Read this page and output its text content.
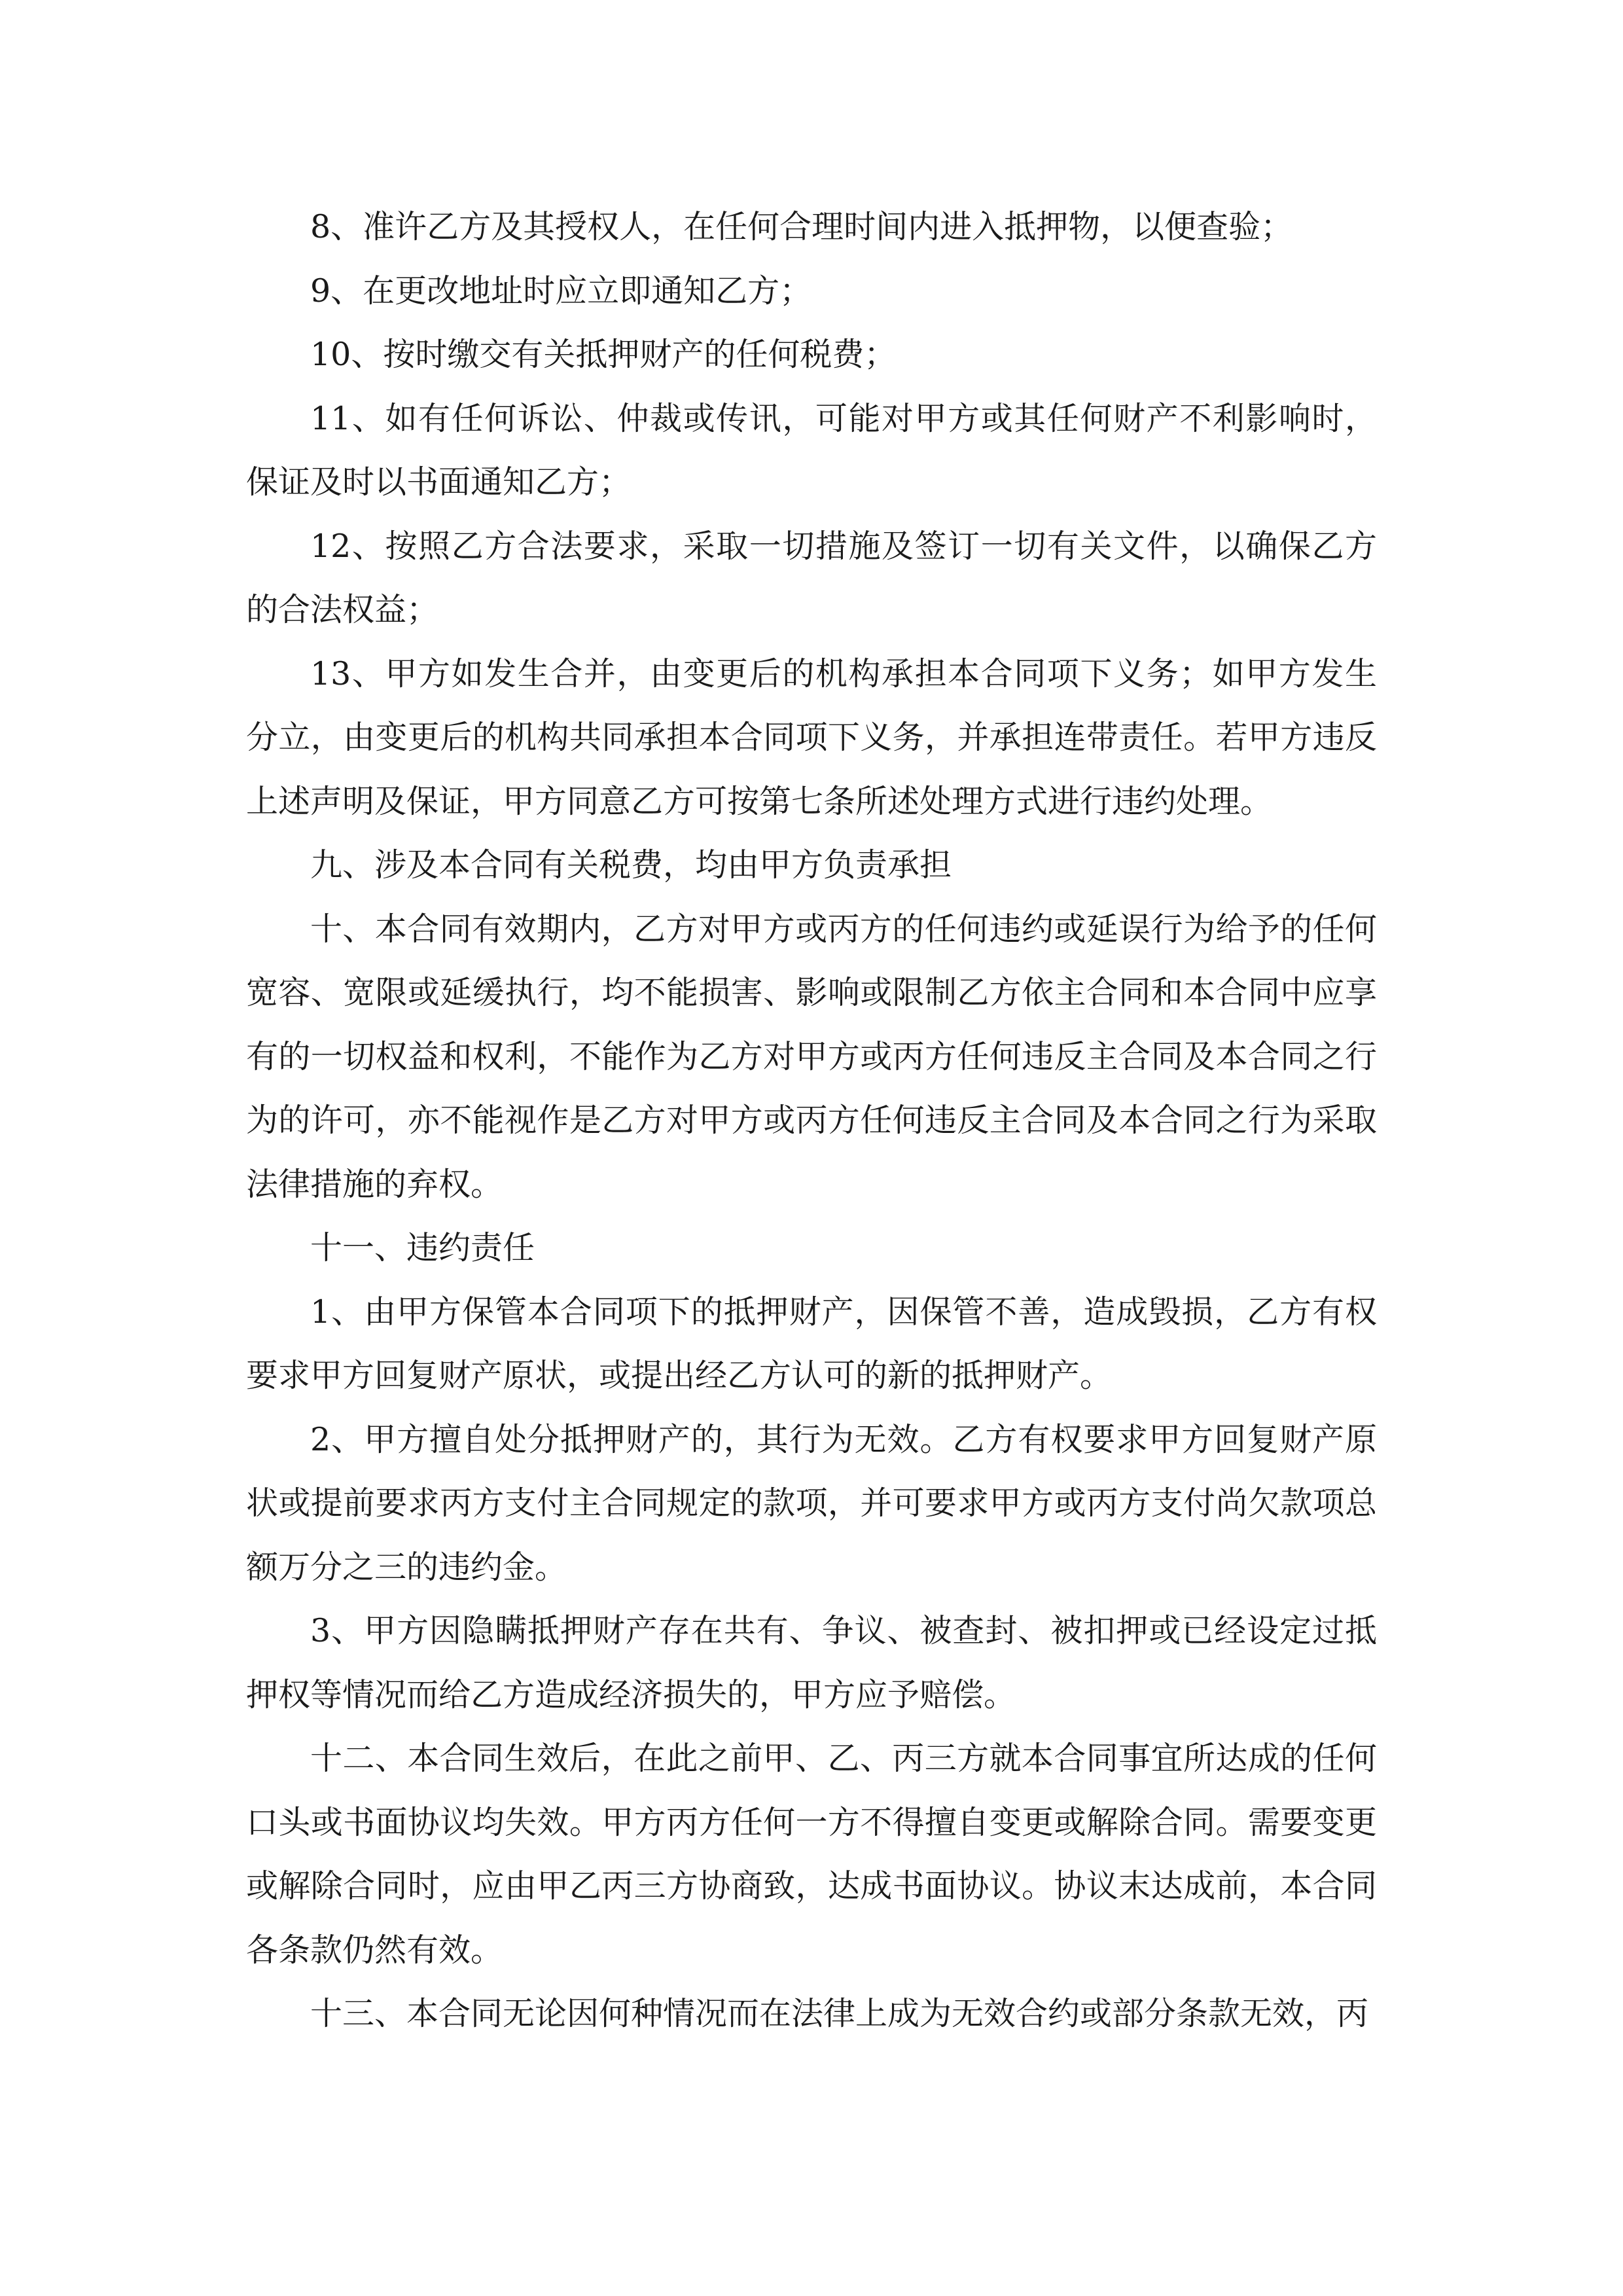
8、准许乙方及其授权人，在任何合理时间内进入抵押物，以便查验；

9、在更改地址时应立即通知乙方；

10、按时缴交有关抵押财产的任何税费；

11、如有任何诉讼、仲裁或传讯，可能对甲方或其任何财产不利影响时，保证及时以书面通知乙方；

12、按照乙方合法要求，采取一切措施及签订一切有关文件，以确保乙方的合法权益；

13、甲方如发生合并，由变更后的机构承担本合同项下义务；如甲方发生分立，由变更后的机构共同承担本合同项下义务，并承担连带责任。若甲方违反上述声明及保证，甲方同意乙方可按第七条所述处理方式进行违约处理。

九、涉及本合同有关税费，均由甲方负责承担

十、本合同有效期内，乙方对甲方或丙方的任何违约或延误行为给予的任何宽容、宽限或延缓执行，均不能损害、影响或限制乙方依主合同和本合同中应享有的一切权益和权利，不能作为乙方对甲方或丙方任何违反主合同及本合同之行为的许可，亦不能视作是乙方对甲方或丙方任何违反主合同及本合同之行为采取法律措施的弃权。

十一、违约责任

1、由甲方保管本合同项下的抵押财产，因保管不善，造成毁损，乙方有权要求甲方回复财产原状，或提出经乙方认可的新的抵押财产。

2、甲方擅自处分抵押财产的，其行为无效。乙方有权要求甲方回复财产原状或提前要求丙方支付主合同规定的款项，并可要求甲方或丙方支付尚欠款项总额万分之三的违约金。

3、甲方因隐瞒抵押财产存在共有、争议、被查封、被扣押或已经设定过抵押权等情况而给乙方造成经济损失的，甲方应予赔偿。

十二、本合同生效后，在此之前甲、乙、丙三方就本合同事宜所达成的任何口头或书面协议均失效。甲方丙方任何一方不得擅自变更或解除合同。需要变更或解除合同时，应由甲乙丙三方协商致，达成书面协议。协议末达成前，本合同各条款仍然有效。

十三、本合同无论因何种情况而在法律上成为无效合约或部分条款无效，丙
